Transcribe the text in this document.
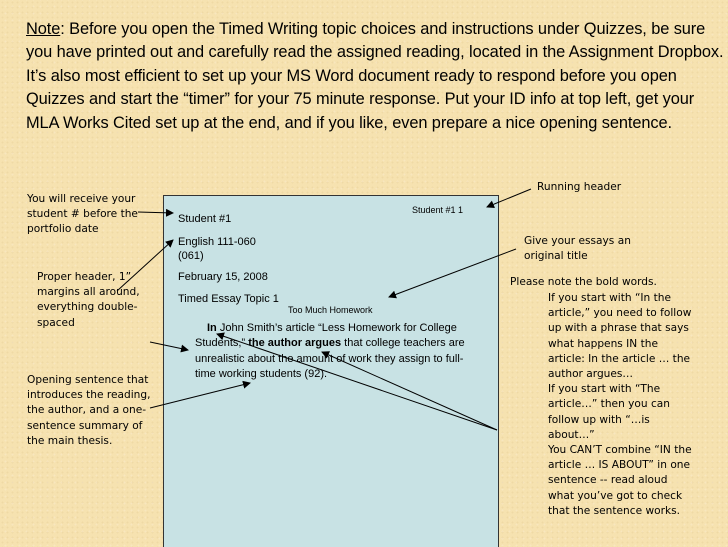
Note: Before you open the Timed Writing topic choices and instructions under Quizzes, be sure you have printed out and carefully read the assigned reading, located in the Assignment Dropbox. It’s also most efficient to set up your MS Word document ready to respond before you open Quizzes and start the “timer” for your 75 minute response. Put your ID info at top left, get your MLA Works Cited set up at the end, and if you like, even prepare a nice opening sentence.
You will receive your student # before the portfolio date
Proper header, 1” margins all around, everything double-spaced
Opening sentence that introduces the reading, the author, and a one-sentence summary of the main thesis.
Running header
Give your essays an original title
Please note the bold words.
If you start with “In the article,” you need to follow up with a phrase that says what happens IN the article: In the article … the author argues…
If you start with “The article…” then you can follow up with “…is about…”
You CAN’T combine “IN the article … IS ABOUT” in one sentence -- read aloud what you’ve got to check that the sentence works.
Student #1 1
Student #1
English 111-060
(061)
February 15, 2008
Timed Essay Topic 1
Too Much Homework
In John Smith’s article “Less Homework for College Students,” the author argues that college teachers are unrealistic about the amount of work they assign to full-time working students (92).
